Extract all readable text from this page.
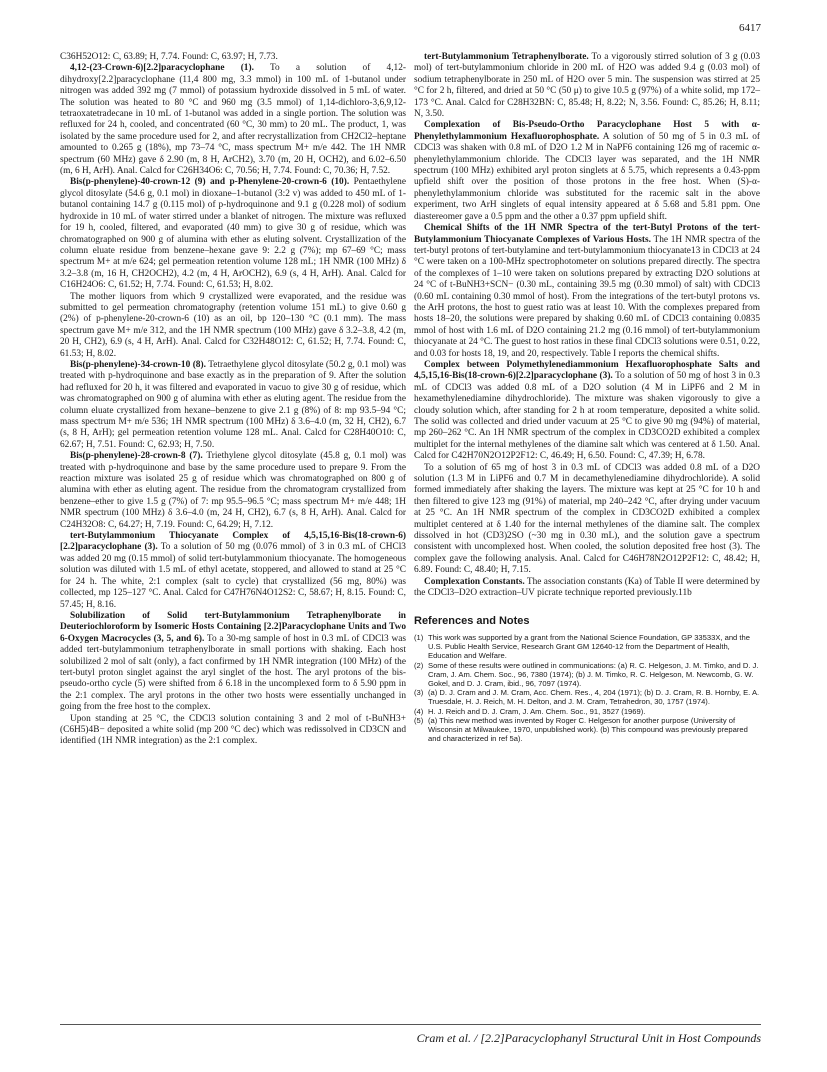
6417

C36H52O12: C, 63.89; H, 7.74. Found: C, 63.97; H, 7.73.

4,12-(23-Crown-6)[2.2]paracyclophane (1). To a solution of 4,12-dihydroxy[2.2]paracyclophane (11,4 800 mg, 3.3 mmol) in 100 mL of 1-butanol under nitrogen was added 392 mg (7 mmol) of potassium hydroxide dissolved in 5 mL of water. The solution was heated to 80 °C and 960 mg (3.5 mmol) of 1,14-dichloro-3,6,9,12-tetraoxatetradecane in 10 mL of 1-butanol was added in a single portion. The solution was refluxed for 24 h, cooled, and concentrated (60 °C, 30 mm) to 20 mL. The product, 1, was isolated by the same procedure used for 2, and after recrystallization from CH2Cl2–heptane amounted to 0.265 g (18%), mp 73–74 °C, mass spectrum M+ m/e 442. The 1H NMR spectrum (60 MHz) gave δ 2.90 (m, 8 H, ArCH2), 3.70 (m, 20 H, OCH2), and 6.02–6.50 (m, 6 H, ArH). Anal. Calcd for C26H34O6: C, 70.56; H, 7.74. Found: C, 70.36; H, 7.52.

Bis(p-phenylene)-40-crown-12 (9) and p-Phenylene-20-crown-6 (10). Pentaethylene glycol ditosylate (54.6 g, 0.1 mol) in dioxane–1-butanol (3:2 v) was added to 450 mL of 1-butanol containing 14.7 g (0.115 mol) of p-hydroquinone and 9.1 g (0.228 mol) of sodium hydroxide in 10 mL of water stirred under a blanket of nitrogen. The mixture was refluxed for 19 h, cooled, filtered, and evaporated (40 mm) to give 30 g of residue, which was chromatographed on 900 g of alumina with ether as eluting solvent. Crystallization of the column eluate residue from benzene–hexane gave 9: 2.2 g (7%); mp 67–69 °C; mass spectrum M+ at m/e 624; gel permeation retention volume 128 mL; 1H NMR (100 MHz) δ 3.2–3.8 (m, 16 H, CH2OCH2), 4.2 (m, 4 H, ArOCH2), 6.9 (s, 4 H, ArH). Anal. Calcd for C16H24O6: C, 61.52; H, 7.74. Found: C, 61.53; H, 8.02.

The mother liquors from which 9 crystallized were evaporated, and the residue was submitted to gel permeation chromatography (retention volume 151 mL) to give 0.60 g (2%) of p-phenylene-20-crown-6 (10) as an oil, bp 120–130 °C (0.1 mm). The mass spectrum gave M+ m/e 312, and the 1H NMR spectrum (100 MHz) gave δ 3.2–3.8, 4.2 (m, 20 H, CH2), 6.9 (s, 4 H, ArH). Anal. Calcd for C32H48O12: C, 61.52; H, 7.74. Found: C, 61.53; H, 8.02.

Bis(p-phenylene)-34-crown-10 (8). Tetraethylene glycol ditosylate (50.2 g, 0.1 mol) was treated with p-hydroquinone and base exactly as in the preparation of 9. After the solution had refluxed for 20 h, it was filtered and evaporated in vacuo to give 30 g of residue, which was chromatographed on 900 g of alumina with ether as eluting agent. The residue from the column eluate crystallized from hexane–benzene to give 2.1 g (8%) of 8: mp 93.5–94 °C; mass spectrum M+ m/e 536; 1H NMR spectrum (100 MHz) δ 3.6–4.0 (m, 32 H, CH2), 6.7 (s, 8 H, ArH); gel permeation retention volume 128 mL. Anal. Calcd for C28H40O10: C, 62.67; H, 7.51. Found: C, 62.93; H, 7.50.

Bis(p-phenylene)-28-crown-8 (7). Triethylene glycol ditosylate (45.8 g, 0.1 mol) was treated with p-hydroquinone and base by the same procedure used to prepare 9. From the reaction mixture was isolated 25 g of residue which was chromatographed on 800 g of alumina with ether as eluting agent. The residue from the chromatogram crystallized from benzene–ether to give 1.5 g (7%) of 7: mp 95.5–96.5 °C; mass spectrum M+ m/e 448; 1H NMR spectrum (100 MHz) δ 3.6–4.0 (m, 24 H, CH2), 6.7 (s, 8 H, ArH). Anal. Calcd for C24H32O8: C, 64.27; H, 7.19. Found: C, 64.29; H, 7.12.

tert-Butylammonium Thiocyanate Complex of 4,5,15,16-Bis(18-crown-6)[2.2]paracyclophane (3). To a solution of 50 mg (0.076 mmol) of 3 in 0.3 mL of CHCl3 was added 20 mg (0.15 mmol) of solid tert-butylammonium thiocyanate. The homogeneous solution was diluted with 1.5 mL of ethyl acetate, stoppered, and allowed to stand at 25 °C for 24 h. The white, 2:1 complex (salt to cycle) that crystallized (56 mg, 80%) was collected, mp 125–127 °C. Anal. Calcd for C47H76N4O12S2: C, 58.67; H, 8.15. Found: C, 57.45; H, 8.16.

Solubilization of Solid tert-Butylammonium Tetraphenylborate in Deuteriochloroform by Isomeric Hosts Containing [2.2]Paracyclophane Units and Two 6-Oxygen Macrocycles (3, 5, and 6). To a 30-mg sample of host in 0.3 mL of CDCl3 was added tert-butylammonium tetraphenylborate in small portions with shaking. Each host solubilized 2 mol of salt (only), a fact confirmed by 1H NMR integration (100 MHz) of the tert-butyl proton singlet against the aryl singlet of the host. The aryl protons of the bis-pseudo-ortho cycle (5) were shifted from δ 6.18 in the uncomplexed form to δ 5.90 ppm in the 2:1 complex. The aryl protons in the other two hosts were essentially unchanged in going from the free host to the complex.

Upon standing at 25 °C, the CDCl3 solution containing 3 and 2 mol of t-BuNH3+(C6H5)4B− deposited a white solid (mp 200 °C dec) which was redissolved in CD3CN and identified (1H NMR integration) as the 2:1 complex.

tert-Butylammonium Tetraphenylborate. To a vigorously stirred solution of 3 g (0.03 mol) of tert-butylammonium chloride in 200 mL of H2O was added 9.4 g (0.03 mol) of sodium tetraphenylborate in 250 mL of H2O over 5 min. The suspension was stirred at 25 °C for 2 h, filtered, and dried at 50 °C (50 μ) to give 10.5 g (97%) of a white solid, mp 172–173 °C. Anal. Calcd for C28H32BN: C, 85.48; H, 8.22; N, 3.56. Found: C, 85.26; H, 8.11; N, 3.50.

Complexation of Bis-Pseudo-Ortho Paracyclophane Host 5 with α-Phenylethylammonium Hexafluorophosphate. A solution of 50 mg of 5 in 0.3 mL of CDCl3 was shaken with 0.8 mL of D2O 1.2 M in NaPF6 containing 126 mg of racemic α-phenylethylammonium chloride. The CDCl3 layer was separated, and the 1H NMR spectrum (100 MHz) exhibited aryl proton singlets at δ 5.75, which represents a 0.43-ppm upfield shift over the position of those protons in the free host. When (S)-α-phenylethylammonium chloride was substituted for the racemic salt in the above experiment, two ArH singlets of equal intensity appeared at δ 5.68 and 5.81 ppm. One diastereomer gave a 0.5 ppm and the other a 0.37 ppm upfield shift.

Chemical Shifts of the 1H NMR Spectra of the tert-Butyl Protons of the tert-Butylammonium Thiocyanate Complexes of Various Hosts. The 1H NMR spectra of the tert-butyl protons of tert-butylamine and tert-butylammonium thiocyanate13 in CDCl3 at 24 °C were taken on a 100-MHz spectrophotometer on solutions prepared directly. The spectra of the complexes of 1–10 were taken on solutions prepared by extracting D2O solutions at 24 °C of t-BuNH3+SCN− (0.30 mL, containing 39.5 mg (0.30 mmol) of salt) with CDCl3 (0.60 mL containing 0.30 mmol of host). From the integrations of the tert-butyl protons vs. the ArH protons, the host to guest ratio was at least 10. With the complexes prepared from hosts 18–20, the solutions were prepared by shaking 0.60 mL of CDCl3 containing 0.0835 mmol of host with 1.6 mL of D2O containing 21.2 mg (0.16 mmol) of tert-butylammonium thiocyanate at 24 °C. The guest to host ratios in these final CDCl3 solutions were 0.51, 0.22, and 0.03 for hosts 18, 19, and 20, respectively. Table I reports the chemical shifts.

Complex between Polymethylenediammonium Hexafluorophosphate Salts and 4,5,15,16-Bis(18-crown-6)[2.2]paracyclophane (3). To a solution of 50 mg of host 3 in 0.3 mL of CDCl3 was added 0.8 mL of a D2O solution (4 M in LiPF6 and 2 M in hexamethylenediamine dihydrochloride). The mixture was shaken vigorously to give a cloudy solution which, after standing for 2 h at room temperature, deposited a white solid. The solid was collected and dried under vacuum at 25 °C to give 90 mg (94%) of material, mp 260–262 °C. An 1H NMR spectrum of the complex in CD3CO2D exhibited a complex multiplet for the internal methylenes of the diamine salt which was centered at δ 1.50. Anal. Calcd for C42H70N2O12P2F12: C, 46.49; H, 6.50. Found: C, 47.39; H, 6.78.

To a solution of 65 mg of host 3 in 0.3 mL of CDCl3 was added 0.8 mL of a D2O solution (1.3 M in LiPF6 and 0.7 M in decamethylenediamine dihydrochloride). A solid formed immediately after shaking the layers. The mixture was kept at 25 °C for 10 h and then filtered to give 123 mg (91%) of material, mp 240–242 °C, after drying under vacuum at 25 °C. An 1H NMR spectrum of the complex in CD3CO2D exhibited a complex multiplet centered at δ 1.40 for the internal methylenes of the diamine salt. The complex dissolved in hot (CD3)2SO (~30 mg in 0.30 mL), and the solution gave a spectrum consistent with uncomplexed host. When cooled, the solution deposited free host (3). The complex gave the following analysis. Anal. Calcd for C46H78N2O12P2F12: C, 48.42; H, 6.89. Found: C, 48.40; H, 7.15.

Complexation Constants. The association constants (Ka) of Table II were determined by the CDCl3–D2O extraction–UV picrate technique reported previously.11b

References and Notes
(1) This work was supported by a grant from the National Science Foundation, GP 33533X, and the U.S. Public Health Service, Research Grant GM 12640-12 from the Department of Health, Education and Welfare.
(2) Some of these results were outlined in communications: (a) R. C. Helgeson, J. M. Timko, and D. J. Cram, J. Am. Chem. Soc., 96, 7380 (1974); (b) J. M. Timko, R. C. Helgeson, M. Newcomb, G. W. Gokel, and D. J. Cram, ibid., 96, 7097 (1974).
(3) (a) D. J. Cram and J. M. Cram, Acc. Chem. Res., 4, 204 (1971); (b) D. J. Cram, R. B. Hornby, E. A. Truesdale, H. J. Reich, M. H. Delton, and J. M. Cram, Tetrahedron, 30, 1757 (1974).
(4) H. J. Reich and D. J. Cram, J. Am. Chem. Soc., 91, 3527 (1969).
(5) (a) This new method was invented by Roger C. Helgeson for another purpose (University of Wisconsin at Milwaukee, 1970, unpublished work). (b) This compound was previously prepared and characterized in ref 5a).
Cram et al. / [2.2]Paracyclophanyl Structural Unit in Host Compounds
